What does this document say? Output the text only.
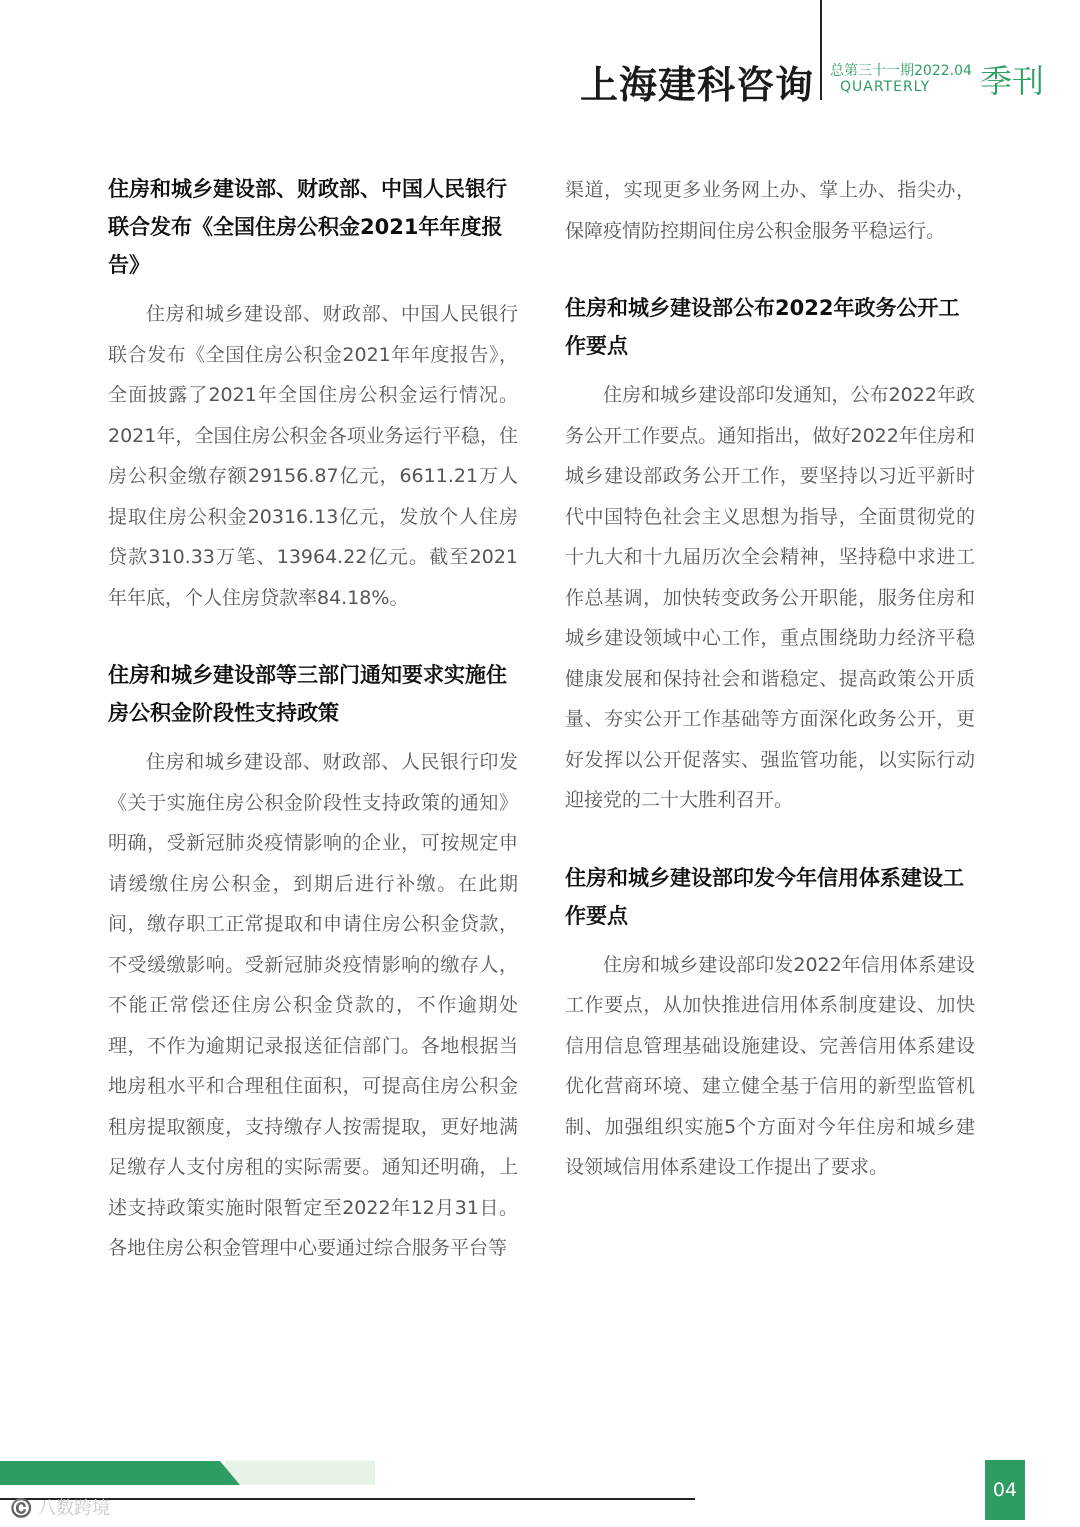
上海建科咨询 总第三十一期2022.04
QUARTERLY 季刊
住房和城乡建设部、财政部、中国人民银行联合发布《全国住房公积金2021年年度报告》
住房和城乡建设部、财政部、中国人民银行联合发布《全国住房公积金2021年年度报告》，全面披露了2021年全国住房公积金运行情况。2021年，全国住房公积金各项业务运行平稳，住房公积金缴存额29156.87亿元，6611.21万人提取住房公积金20316.13亿元，发放个人住房贷款310.33万笔、13964.22亿元。截至2021年年底，个人住房贷款率84.18%。
住房和城乡建设部等三部门通知要求实施住房公积金阶段性支持政策
住房和城乡建设部、财政部、人民银行印发《关于实施住房公积金阶段性支持政策的通知》明确，受新冠肺炎疫情影响的企业，可按规定申请缓缴住房公积金，到期后进行补缴。在此期间，缴存职工正常提取和申请住房公积金贷款，不受缓缴影响。受新冠肺炎疫情影响的缴存人，不能正常偿还住房公积金贷款的，不作逾期处理，不作为逾期记录报送征信部门。各地根据当地房租水平和合理租住面积，可提高住房公积金租房提取额度，支持缴存人按需提取，更好地满足缴存人支付房租的实际需要。通知还明确，上述支持政策实施时限暂定至2022年12月31日。各地住房公积金管理中心要通过综合服务平台等
渠道，实现更多业务网上办、掌上办、指尖办，保障疫情防控期间住房公积金服务平稳运行。
住房和城乡建设部公布2022年政务公开工作要点
住房和城乡建设部印发通知，公布2022年政务公开工作要点。通知指出，做好2022年住房和城乡建设部政务公开工作，要坚持以习近平新时代中国特色社会主义思想为指导，全面贯彻党的十九大和十九届历次全会精神，坚持稳中求进工作总基调，加快转变政务公开职能，服务住房和城乡建设领域中心工作，重点围绕助力经济平稳健康发展和保持社会和谐稳定、提高政策公开质量、夯实公开工作基础等方面深化政务公开，更好发挥以公开促落实、强监管功能，以实际行动迎接党的二十大胜利召开。
住房和城乡建设部印发今年信用体系建设工作要点
住房和城乡建设部印发2022年信用体系建设工作要点，从加快推进信用体系制度建设、加快信用信息管理基础设施建设、完善信用体系建设优化营商环境、建立健全基于信用的新型监管机制、加强组织实施5个方面对今年住房和城乡建设领域信用体系建设工作提出了要求。
04
©️ 八数跨境
